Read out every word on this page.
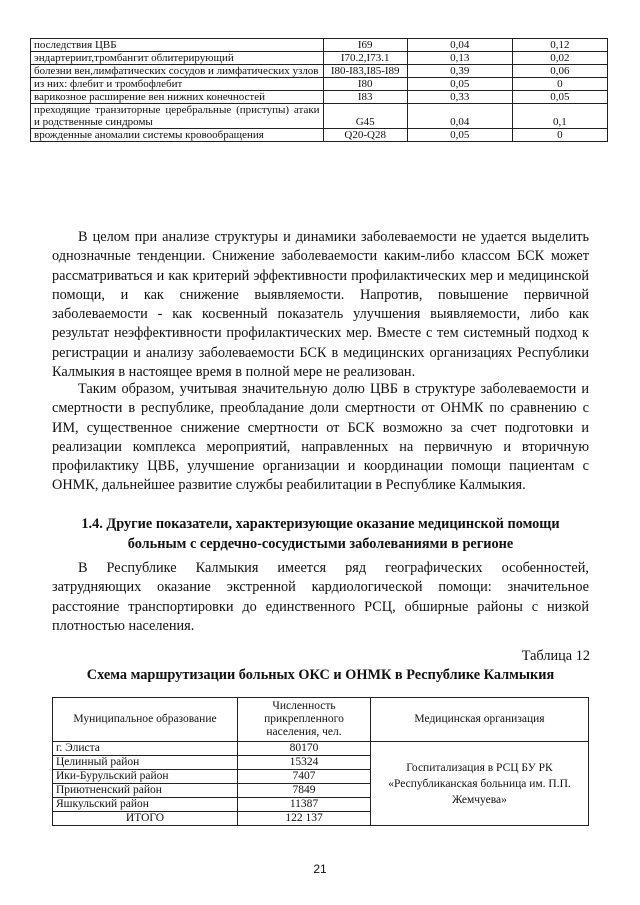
последствия ЦВБ	I69	0,04	0,12
эндартериит,тромбангит облитерирующий	I70.2,I73.1	0,13	0,02
болезни вен,лимфатических сосудов и лимфатических узлов	I80-I83,I85-I89	0,39	0,06
из них: флебит и тромбофлебит	I80	0,05	0
варикозное расширение вен нижних конечностей	I83	0,33	0,05
преходящие транзиторные церебральные (приступы) атаки и родственные синдромы	G45	0,04	0,1
врожденные аномалии системы кровообращения	Q20-Q28	0,05	0

В целом при анализе структуры и динамики заболеваемости не удается выделить однозначные тенденции. Снижение заболеваемости каким-либо классом БСК может рассматриваться и как критерий эффективности профилактических мер и медицинской помощи, и как снижение выявляемости. Напротив, повышение первичной заболеваемости - как косвенный показатель улучшения выявляемости, либо как результат неэффективности профилактических мер. Вместе с тем системный подход к регистрации и анализу заболеваемости БСК в медицинских организациях Республики Калмыкия в настоящее время в полной мере не реализован.

Таким образом, учитывая значительную долю ЦВБ в структуре заболеваемости и смертности в республике, преобладание доли смертности от ОНМК по сравнению с ИМ, существенное снижение смертности от БСК возможно за счет подготовки и реализации комплекса мероприятий, направленных на первичную и вторичную профилактику ЦВБ, улучшение организации и координации помощи пациентам с ОНМК, дальнейшее развитие службы реабилитации в Республике Калмыкия.

1.4. Другие показатели, характеризующие оказание медицинской помощи больным с сердечно-сосудистыми заболеваниями в регионе

В Республике Калмыкия имеется ряд географических особенностей, затрудняющих оказание экстренной кардиологической помощи: значительное расстояние транспортировки до единственного РСЦ, обширные районы с низкой плотностью населения.

Таблица 12
Схема маршрутизации больных ОКС и ОНМК в Республике Калмыкия
Муниципальное образование	Численность прикрепленного населения, чел.	Медицинская организация
г. Элиста	80170	Госпитализация в РСЦ БУ РК «Республиканская больница им. П.П. Жемчуева»
Целинный район	15324	
Ики-Бурульский район	7407	
Приютненский район	7849	
Яшкульский район	11387	
ИТОГО	122 137	
21
